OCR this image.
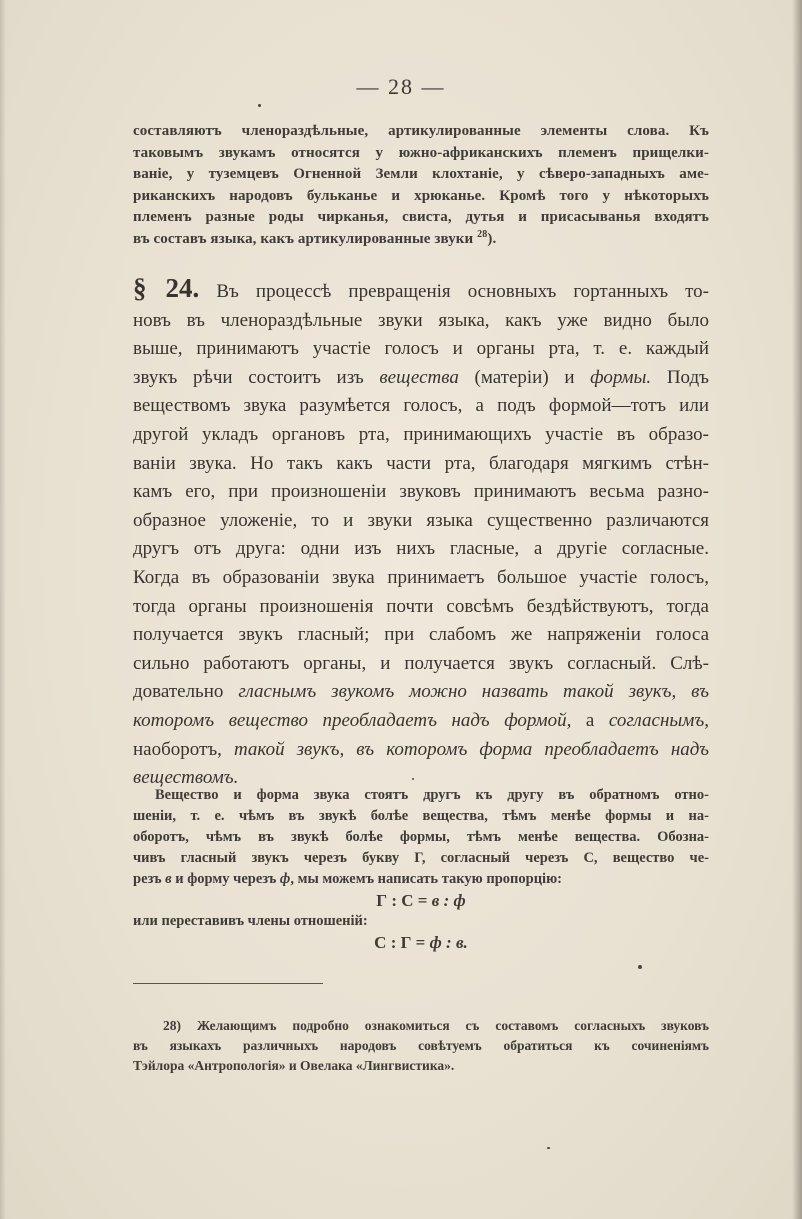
— 28 —
составляютъ членораздѣльные, артикулированные элементы слова. Къ
таковымъ звукамъ относятся у южно-африканскихъ племенъ прищелки-
ваніе, у туземцевъ Огненной Земли клохтаніе, у сѣверо-западныхъ аме-
риканскихъ народовъ бульканье и хрюканье. Кромѣ того у нѣкоторыхъ
племенъ разные роды чирканья, свиста, дутья и присасыванья входятъ
въ составъ языка, какъ артикулированные звуки $^{28}$).
§ 24. Въ процессѣ превращенія основныхъ гортанныхъ то-
новъ въ членораздѣльные звуки языка, какъ уже видно было
выше, принимаютъ участіе голосъ и органы рта, т. е. каждый
звукъ рѣчи состоитъ изъ вещества (матеріи) и формы. Подъ
веществомъ звука разумѣется голосъ, а подъ формой—тотъ или
другой укладъ органовъ рта, принимающихъ участіе въ образо-
ваніи звука. Но такъ какъ части рта, благодаря мягкимъ стѣн-
камъ его, при произношеніи звуковъ принимаютъ весьма разно-
образное уложеніе, то и звуки языка существенно различаются
другъ отъ друга: одни изъ нихъ гласные, а другіе согласные.
Когда въ образованіи звука принимаетъ большое участіе голосъ,
тогда органы произношенія почти совсѣмъ бездѣйствуютъ, тогда
получается звукъ гласный; при слабомъ же напряженіи голоса
сильно работаютъ органы, и получается звукъ согласный. Слѣ-
довательно гласнымъ звукомъ можно назвать такой звукъ, въ
которомъ вещество преобладаетъ надъ формой, а согласнымъ,
наоборотъ, такой звукъ, въ которомъ форма преобладаетъ надъ
веществомъ.
Вещество и форма звука стоятъ другъ къ другу въ обратномъ отно-
шеніи, т. е. чѣмъ въ звукѣ болѣе вещества, тѣмъ менѣе формы и на-
оборотъ, чѣмъ въ звукѣ болѣе формы, тѣмъ менѣе вещества. Обозна-
чивъ гласный звукъ черезъ букву Г, согласный черезъ С, вещество че-
резъ в и форму черезъ ф, мы можемъ написать такую пропорцію:
Г : С = в : ф
или переставивъ члены отношеній:
С : Г = ф : в.
28) Желающимъ подробно ознакомиться съ составомъ согласныхъ звуковъ
въ языкахъ различныхъ народовъ совѣтуемъ обратиться къ сочиненіямъ
Тэйлора «Антропологія» и Овелака «Лингвистика».
